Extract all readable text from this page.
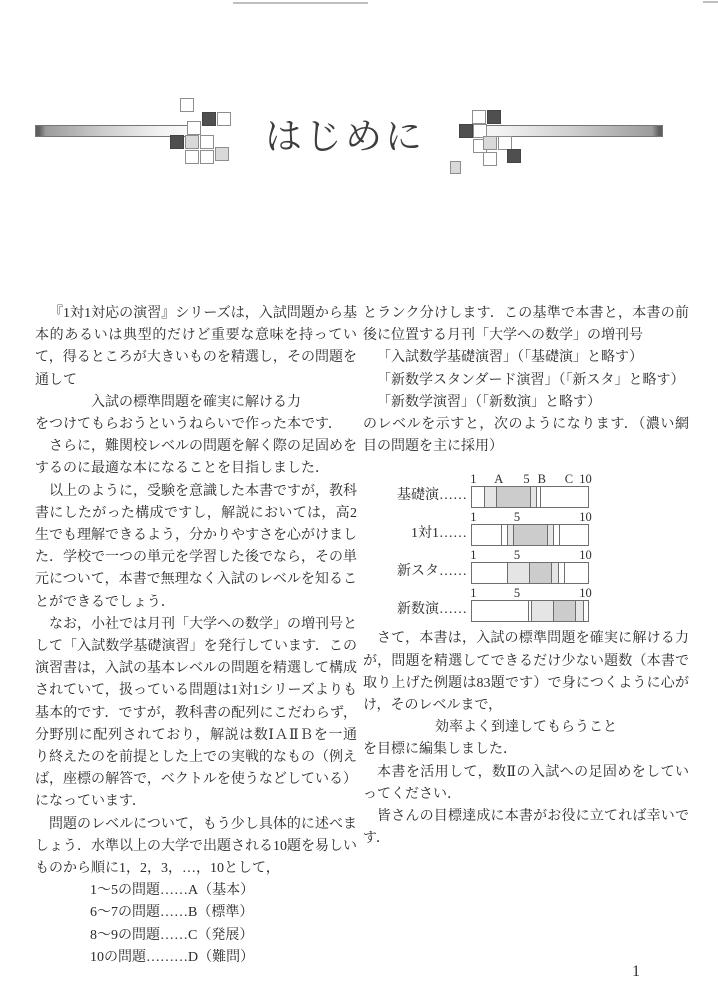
はじめに

『1対1対応の演習』シリーズは，入試問題から基本的あるいは典型的だけど重要な意味を持っていて，得るところが大きいものを精選し，その問題を通して

入試の標準問題を確実に解ける力

をつけてもらおうというねらいで作った本です．

さらに，難関校レベルの問題を解く際の足固めをするのに最適な本になることを目指しました．

以上のように，受験を意識した本書ですが，教科書にしたがった構成ですし，解説においては，高2生でも理解できるよう，分かりやすさを心がけました．学校で一つの単元を学習した後でなら，その単元について，本書で無理なく入試のレベルを知ることができるでしょう．

なお，小社では月刊「大学への数学」の増刊号として「入試数学基礎演習」を発行しています．この演習書は，入試の基本レベルの問題を精選して構成されていて，扱っている問題は1対1シリーズよりも基本的です．ですが，教科書の配列にこだわらず，分野別に配列されており，解説は数ⅠＡⅡＢを一通り終えたのを前提とした上での実戦的なもの（例えば，座標の解答で，ベクトルを使うなどしている）になっています．

問題のレベルについて，もう少し具体的に述べましょう．水準以上の大学で出題される10題を易しいものから順に1，2，3，…，10として，

1～5の問題……A（基本）

6～7の問題……B（標準）

8～9の問題……C（発展）

10の問題………D（難問）

とランク分けします．この基準で本書と，本書の前後に位置する月刊「大学への数学」の増刊号

「入試数学基礎演習」（「基礎演」と略す）

「新数学スタンダード演習」（「新スタ」と略す）

「新数学演習」（「新数演」と略す）

のレベルを示すと，次のようになります．（濃い網目の問題を主に採用）

基礎演……
1 A 5 B C 10
1対1……
1	5	10
新スタ……
1	5	10
新数演……
1	5	10

さて，本書は，入試の標準問題を確実に解ける力が，問題を精選してできるだけ少ない題数（本書で取り上げた例題は83題です）で身につくように心がけ，そのレベルまで，

効率よく到達してもらうこと

を目標に編集しました．

本書を活用して，数Ⅱの入試への足固めをしていってください．

皆さんの目標達成に本書がお役に立てれば幸いです．

1
